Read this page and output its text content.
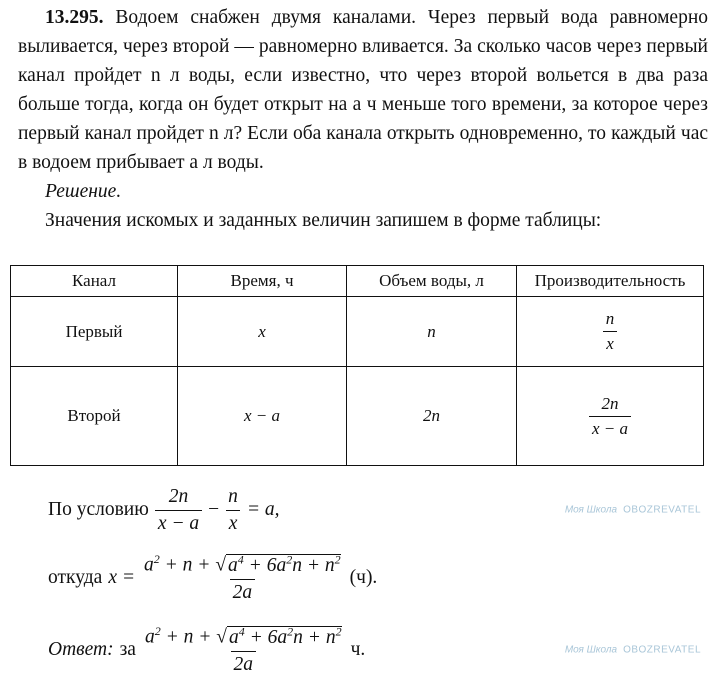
13.295. Водоем снабжен двумя каналами. Через первый вода равномерно выливается, через второй — равномерно вливается. За сколько часов через первый канал пройдет n л воды, если известно, что через второй вольется в два раза больше тогда, когда он будет открыт на a ч меньше того времени, за которое через первый канал пройдет n л? Если оба канала открыть одновременно, то каждый час в водоем прибывает a л воды.
Решение.
Значения искомых и заданных величин запишем в форме таблицы:
Канал	Время, ч	Объем воды, л	Производительность
Первый	x	n	$\frac{n}{x}$

Второй	x − a	2n	$\frac{2n}{x - a}$
По условию $\frac{2n}{x - a} - \frac{n}{x} = a$,	Моя Школа OBOZREVATEL
откуда $x = \frac{a^2 + n + √ a^4 + 6a^2n + n^2}{2a} (ч)$.
Ответ: за $\frac{a^2 + n + √ a^4 + 6a^2n + n^2}{2a} ч$.	Моя Школа OBOZREVATEL
